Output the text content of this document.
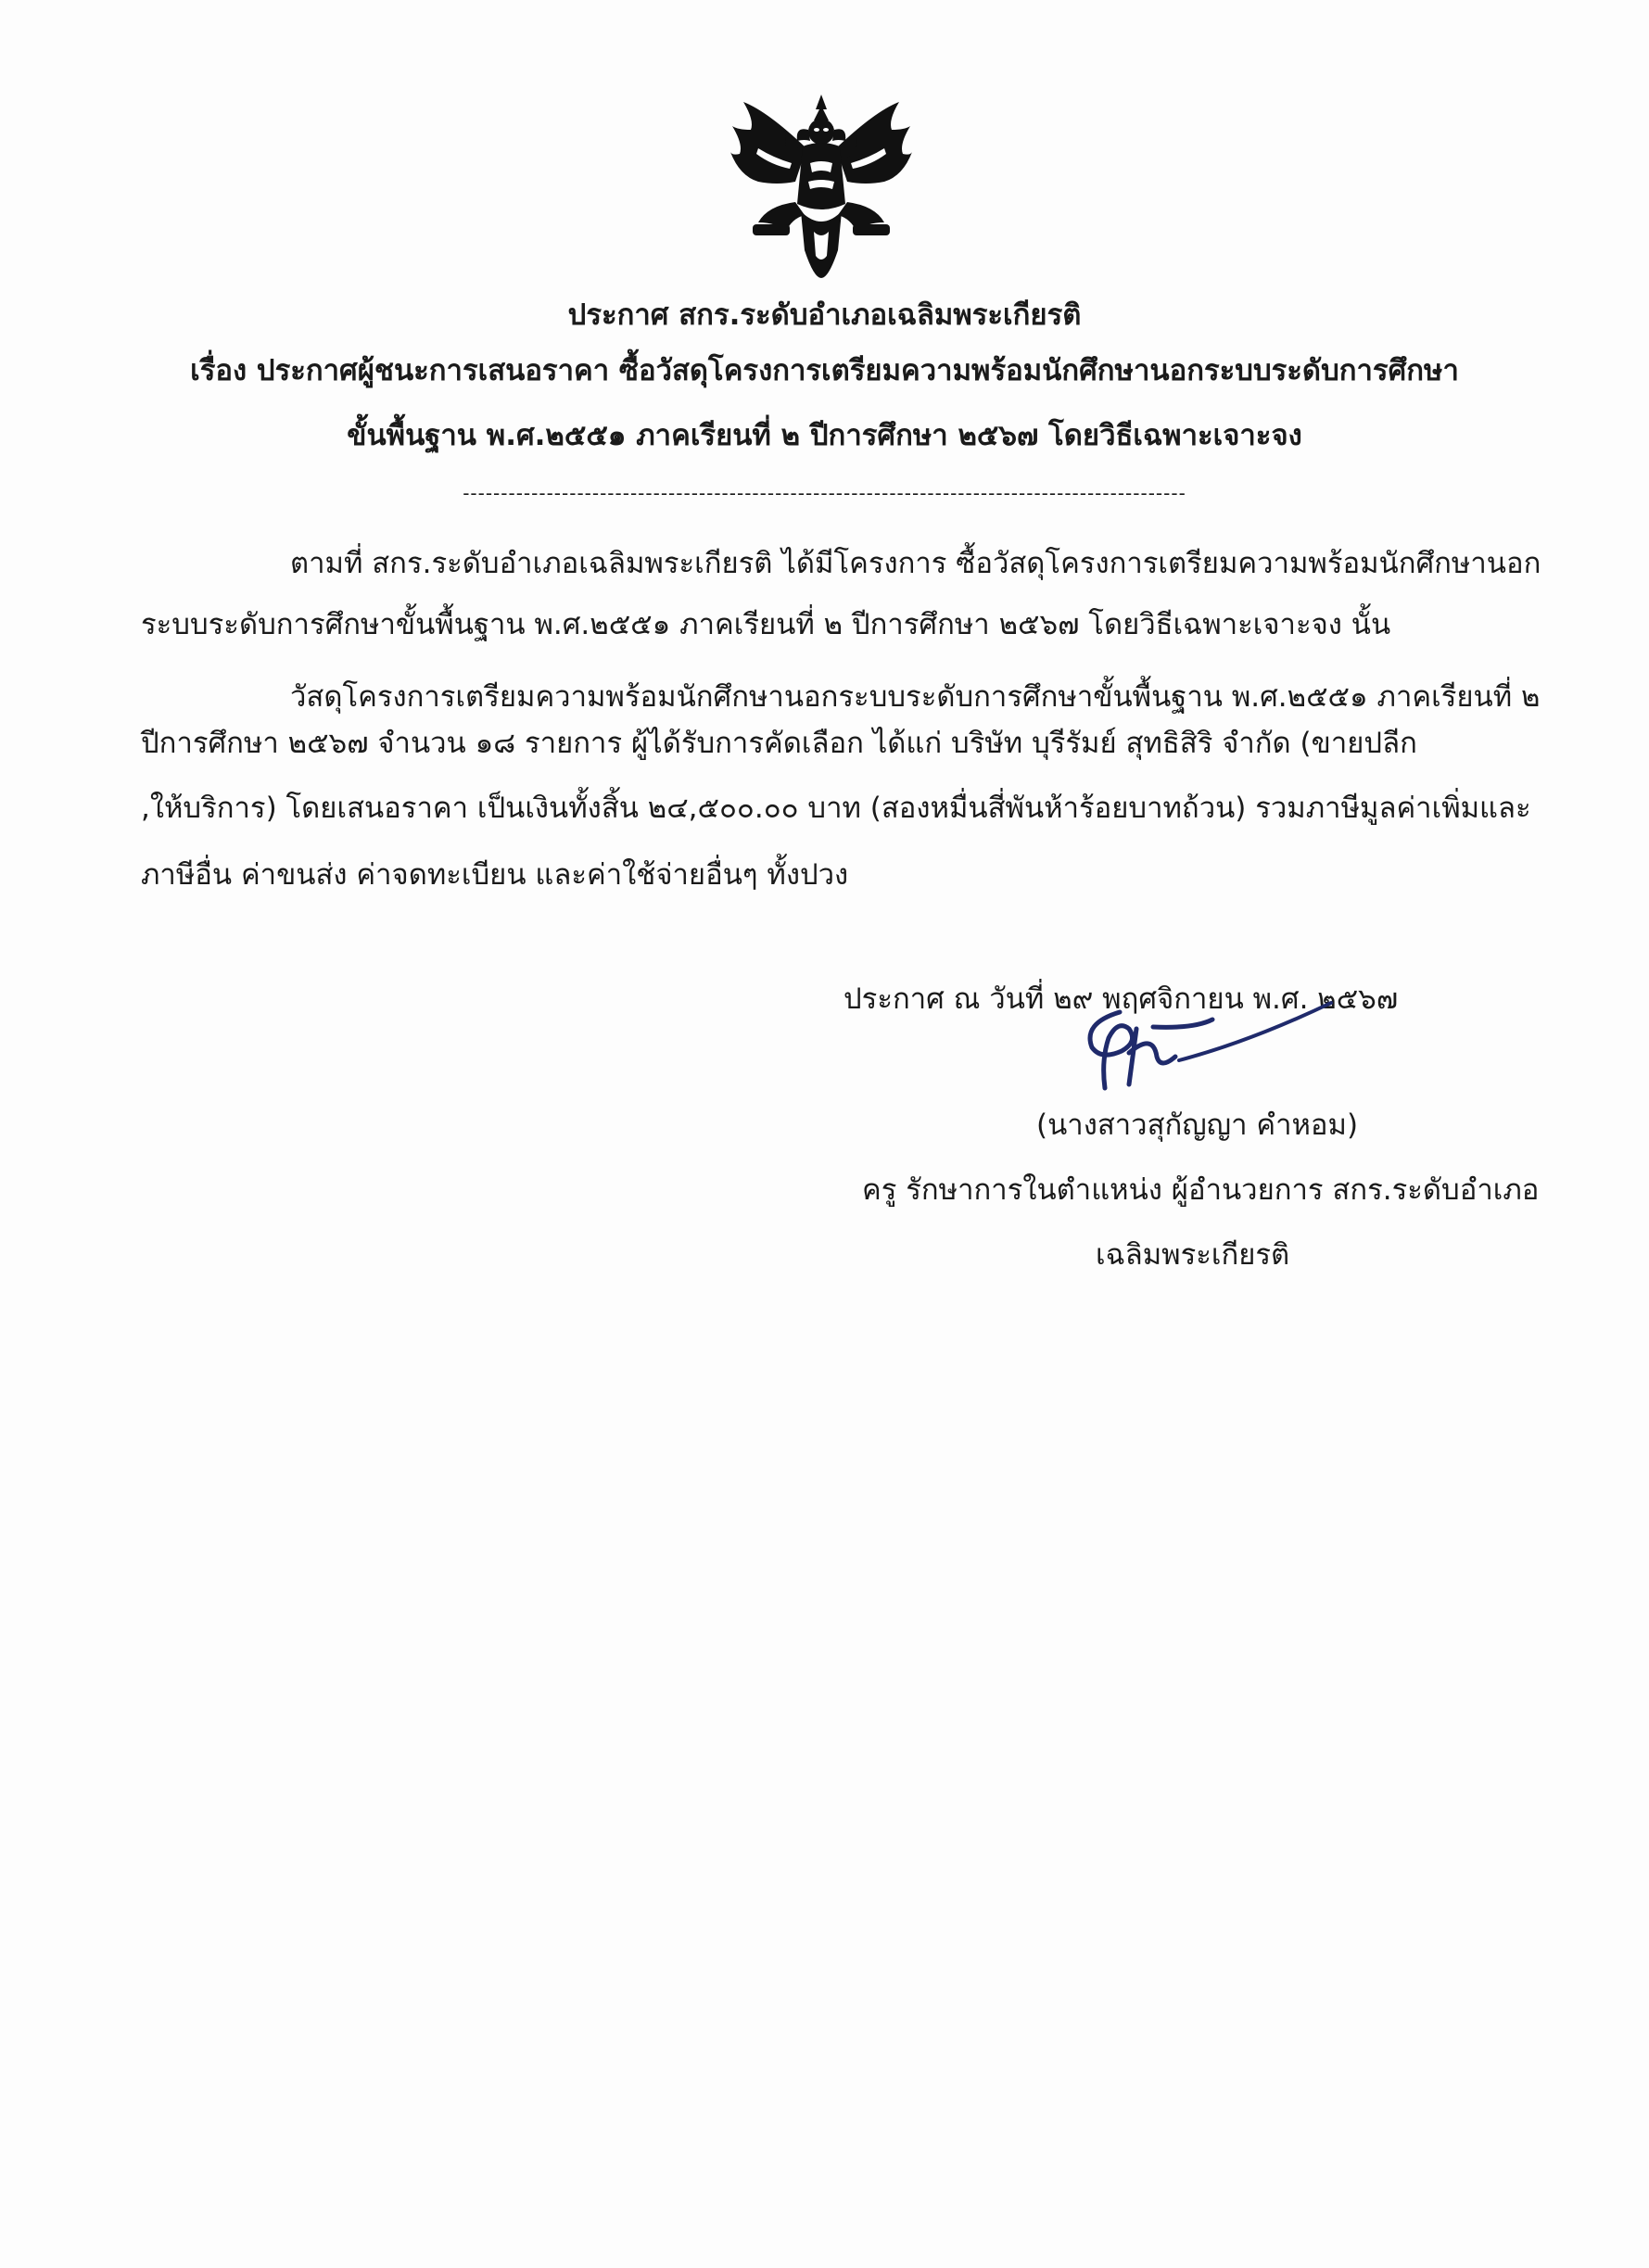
ประกาศ สกร.ระดับอำเภอเฉลิมพระเกียรติ
เรื่อง ประกาศผู้ชนะการเสนอราคา ซื้อวัสดุโครงการเตรียมความพร้อมนักศึกษานอกระบบระดับการศึกษา
ขั้นพื้นฐาน พ.ศ.๒๕๕๑ ภาคเรียนที่ ๒ ปีการศึกษา ๒๕๖๗ โดยวิธีเฉพาะเจาะจง
-----------------------------------------------------------------------------------------------
ตามที่ สกร.ระดับอำเภอเฉลิมพระเกียรติ ได้มีโครงการ ซื้อวัสดุโครงการเตรียมความพร้อมนักศึกษานอก
ระบบระดับการศึกษาขั้นพื้นฐาน พ.ศ.๒๕๕๑ ภาคเรียนที่ ๒ ปีการศึกษา ๒๕๖๗ โดยวิธีเฉพาะเจาะจง นั้น
วัสดุโครงการเตรียมความพร้อมนักศึกษานอกระบบระดับการศึกษาขั้นพื้นฐาน พ.ศ.๒๕๕๑ ภาคเรียนที่ ๒
ปีการศึกษา ๒๕๖๗ จำนวน ๑๘ รายการ ผู้ได้รับการคัดเลือก ได้แก่ บริษัท บุรีรัมย์ สุทธิสิริ จำกัด (ขายปลีก
,ให้บริการ) โดยเสนอราคา เป็นเงินทั้งสิ้น ๒๔,๕๐๐.๐๐ บาท (สองหมื่นสี่พันห้าร้อยบาทถ้วน) รวมภาษีมูลค่าเพิ่มและ
ภาษีอื่น ค่าขนส่ง ค่าจดทะเบียน และค่าใช้จ่ายอื่นๆ ทั้งปวง
ประกาศ ณ วันที่ ๒๙ พฤศจิกายน พ.ศ. ๒๕๖๗
(นางสาวสุกัญญา คำหอม)
ครู รักษาการในตำแหน่ง ผู้อำนวยการ สกร.ระดับอำเภอ
เฉลิมพระเกียรติ
